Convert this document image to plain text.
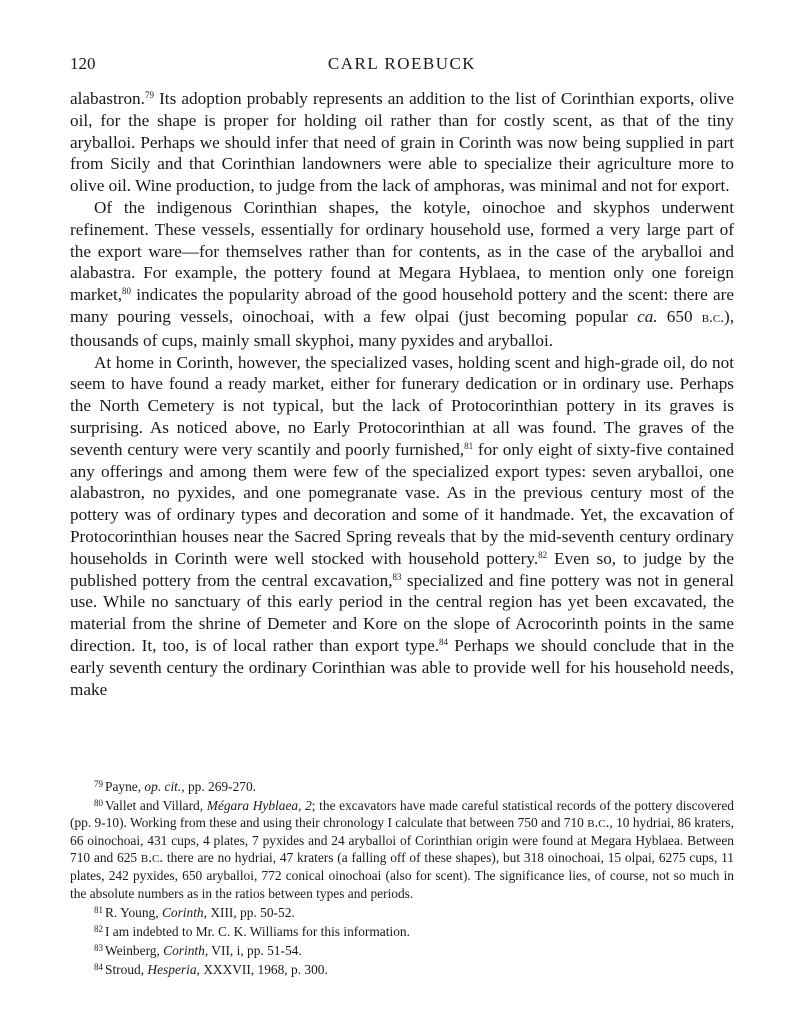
120	CARL ROEBUCK

alabastron.$^{79}$ Its adoption probably represents an addition to the list of Corinthian exports, olive oil, for the shape is proper for holding oil rather than for costly scent, as that of the tiny aryballoi. Perhaps we should infer that need of grain in Corinth was now being supplied in part from Sicily and that Corinthian landowners were able to specialize their agriculture more to olive oil. Wine production, to judge from the lack of amphoras, was minimal and not for export.

Of the indigenous Corinthian shapes, the kotyle, oinochoe and skyphos underwent refinement. These vessels, essentially for ordinary household use, formed a very large part of the export ware—for themselves rather than for contents, as in the case of the aryballoi and alabastra. For example, the pottery found at Megara Hyblaea, to mention only one foreign market,$^{80}$ indicates the popularity abroad of the good household pottery and the scent: there are many pouring vessels, oinochoai, with a few olpai (just becoming popular ca. 650 b.c.), thousands of cups, mainly small skyphoi, many pyxides and aryballoi.

At home in Corinth, however, the specialized vases, holding scent and high-grade oil, do not seem to have found a ready market, either for funerary dedication or in ordinary use. Perhaps the North Cemetery is not typical, but the lack of Protocorinthian pottery in its graves is surprising. As noticed above, no Early Protocorinthian at all was found. The graves of the seventh century were very scantily and poorly furnished,$^{81}$ for only eight of sixty-five contained any offerings and among them were few of the specialized export types: seven aryballoi, one alabastron, no pyxides, and one pomegranate vase. As in the previous century most of the pottery was of ordinary types and decoration and some of it handmade. Yet, the excavation of Protocorinthian houses near the Sacred Spring reveals that by the mid-seventh century ordinary households in Corinth were well stocked with household pottery.$^{82}$ Even so, to judge by the published pottery from the central excavation,$^{83}$ specialized and fine pottery was not in general use. While no sanctuary of this early period in the central region has yet been excavated, the material from the shrine of Demeter and Kore on the slope of Acrocorinth points in the same direction. It, too, is of local rather than export type.$^{84}$ Perhaps we should conclude that in the early seventh century the ordinary Corinthian was able to provide well for his household needs, make

$^{79}$ Payne, op. cit., pp. 269-270.

$^{80}$ Vallet and Villard, Mégara Hyblaea, 2; the excavators have made careful statistical records of the pottery discovered (pp. 9-10). Working from these and using their chronology I calculate that between 750 and 710 b.c., 10 hydriai, 86 kraters, 66 oinochoai, 431 cups, 4 plates, 7 pyxides and 24 aryballoi of Corinthian origin were found at Megara Hyblaea. Between 710 and 625 b.c. there are no hydriai, 47 kraters (a falling off of these shapes), but 318 oinochoai, 15 olpai, 6275 cups, 11 plates, 242 pyxides, 650 aryballoi, 772 conical oinochoai (also for scent). The significance lies, of course, not so much in the absolute numbers as in the ratios between types and periods.

$^{81}$ R. Young, Corinth, XIII, pp. 50-52.

$^{82}$ I am indebted to Mr. C. K. Williams for this information.

$^{83}$ Weinberg, Corinth, VII, i, pp. 51-54.

$^{84}$ Stroud, Hesperia, XXXVII, 1968, p. 300.
